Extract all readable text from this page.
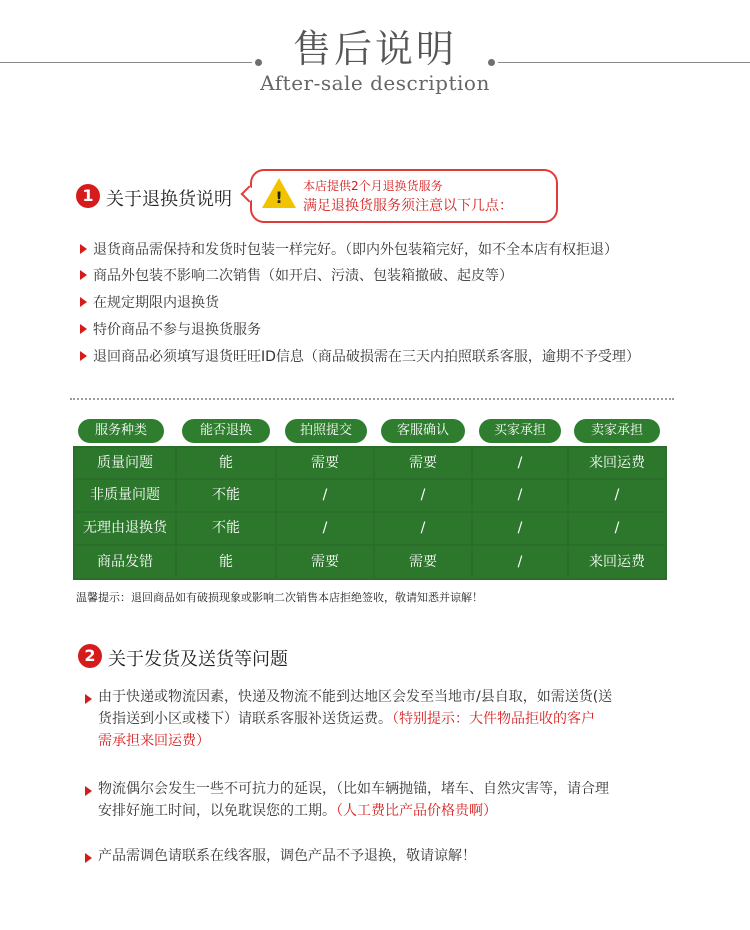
售后说明
After-sale description
1 关于退换货说明	!
本店提供2个月退换货服务
满足退换货服务须注意以下几点：
退货商品需保持和发货时包装一样完好。（即内外包装箱完好，如不全本店有权拒退）
商品外包装不影响二次销售（如开启、污渍、包装箱撤破、起皮等）
在规定期限内退换货
特价商品不参与退换货服务
退回商品必须填写退货旺旺ID信息（商品破损需在三天内拍照联系客服，逾期不予受理）
服务种类	能否退换	拍照提交	客服确认	买家承担	卖家承担
质量问题	能	需要	需要	/	来回运费
非质量问题	不能	/	/	/	/
无理由退换货	不能	/	/	/	/
商品发错	能	需要	需要	/	来回运费
温馨提示：退回商品如有破损现象或影响二次销售本店拒绝签收，敬请知悉并谅解！
2 关于发货及送货等问题
由于快递或物流因素，快递及物流不能到达地区会发至当地市/县自取，如需送货(送
货指送到小区或楼下）请联系客服补送货运费。（特别提示：大件物品拒收的客户
需承担来回运费）
物流偶尔会发生一些不可抗力的延误，（比如车辆抛锚，堵车、自然灾害等，请合理
安排好施工时间，以免耽误您的工期。（人工费比产品价格贵啊）
产品需调色请联系在线客服，调色产品不予退换，敬请谅解！
